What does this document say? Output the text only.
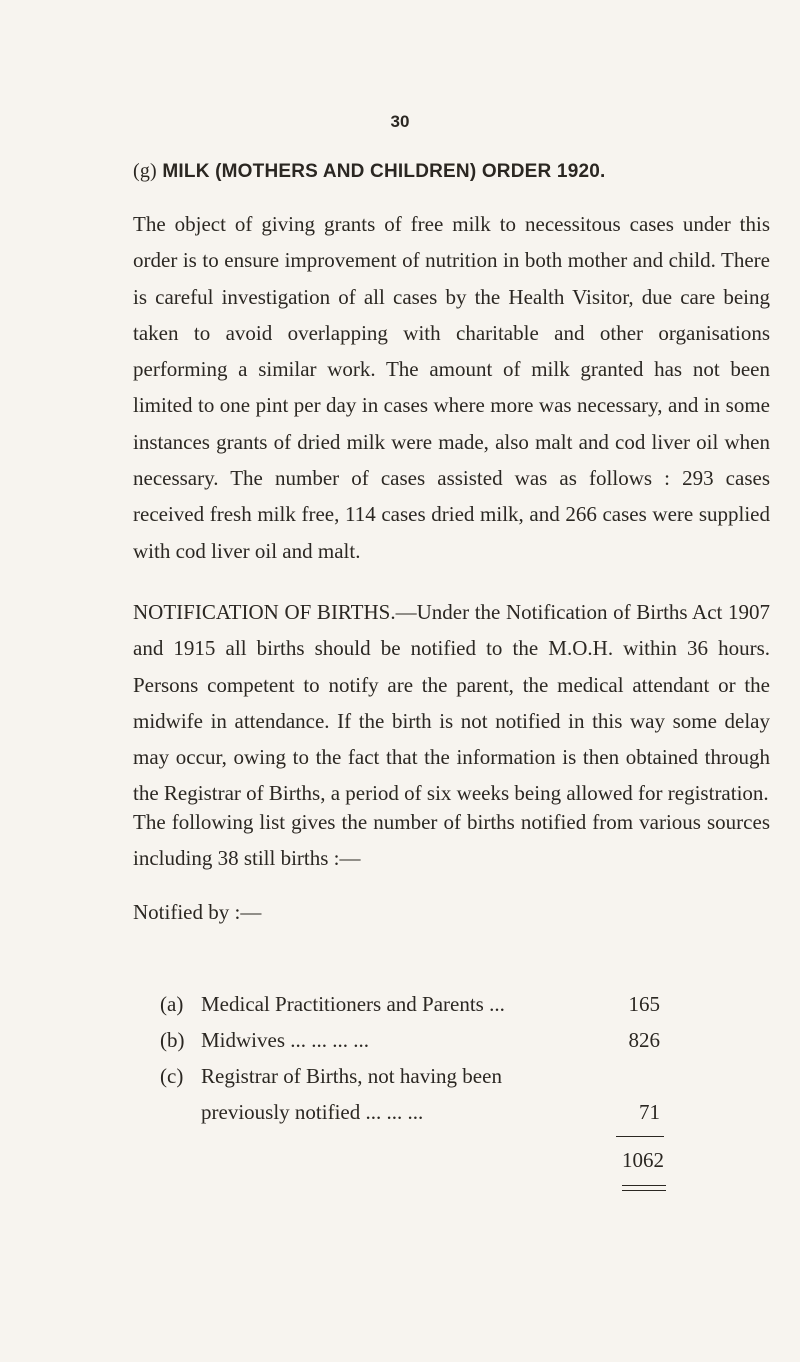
30
(g) MILK (MOTHERS AND CHILDREN) ORDER 1920.

The object of giving grants of free milk to necessitous cases under this order is to ensure improvement of nutrition in both mother and child. There is careful investigation of all cases by the Health Visitor, due care being taken to avoid overlapping with charitable and other organisations performing a similar work. The amount of milk granted has not been limited to one pint per day in cases where more was necessary, and in some instances grants of dried milk were made, also malt and cod liver oil when necessary. The number of cases assisted was as follows : 293 cases received fresh milk free, 114 cases dried milk, and 266 cases were supplied with cod liver oil and malt.

NOTIFICATION OF BIRTHS.—Under the Notification of Births Act 1907 and 1915 all births should be notified to the M.O.H. within 36 hours. Persons competent to notify are the parent, the medical attendant or the midwife in attendance. If the birth is not notified in this way some delay may occur, owing to the fact that the information is then obtained through the Registrar of Births, a period of six weeks being allowed for registration.

The following list gives the number of births notified from various sources including 38 still births :—

Notified by :—
(a) Medical Practitioners and Parents ...	165
(b) Midwives ... ... ... ...	826
(c) Registrar of Births, not having been
previously notified ... ... ...	71
1062
